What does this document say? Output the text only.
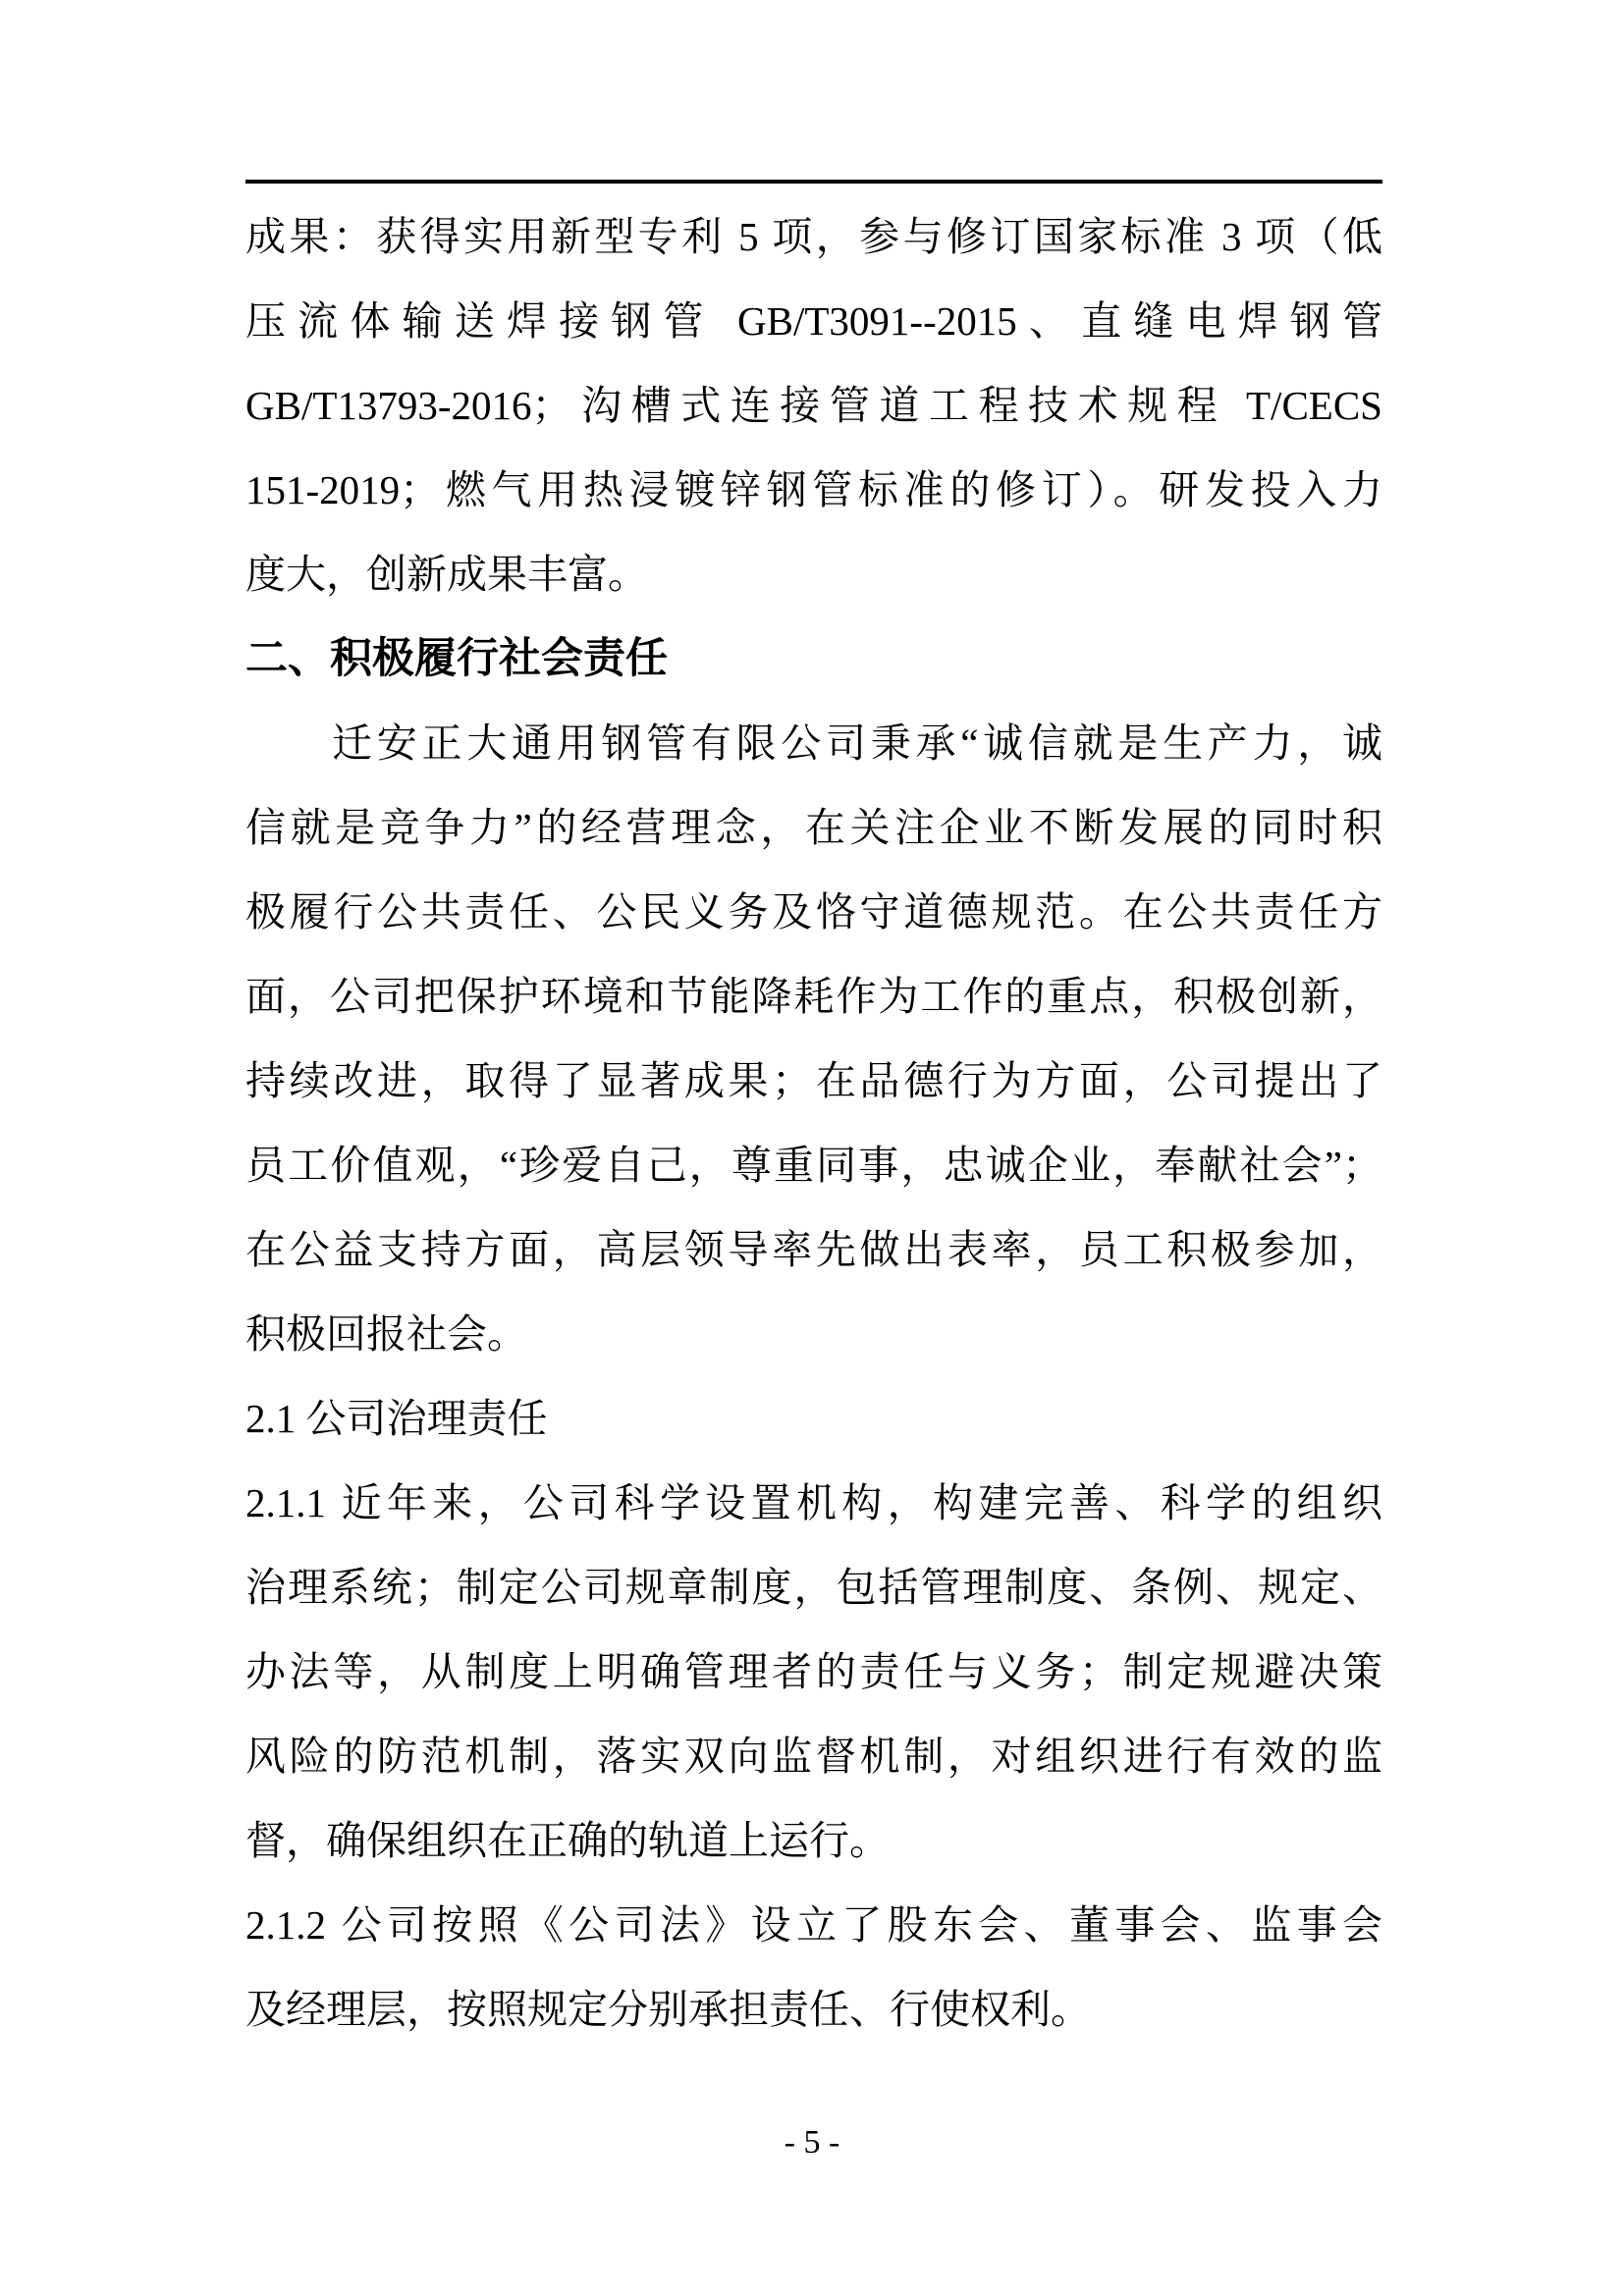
成果：获得实用新型专利 5 项，参与修订国家标准 3 项（低
压流体输送焊接钢管 GB/T3091--2015、直缝电焊钢管
GB/T13793-2016；沟槽式连接管道工程技术规程 T/CECS
151-2019；燃气用热浸镀锌钢管标准的修订）。研发投入力
度大，创新成果丰富。
二、积极履行社会责任
迁安正大通用钢管有限公司秉承“诚信就是生产力，诚
信就是竞争力”的经营理念，在关注企业不断发展的同时积
极履行公共责任、公民义务及恪守道德规范。在公共责任方
面，公司把保护环境和节能降耗作为工作的重点，积极创新，
持续改进，取得了显著成果；在品德行为方面，公司提出了
员工价值观，“珍爱自己，尊重同事，忠诚企业，奉献社会”；
在公益支持方面，高层领导率先做出表率，员工积极参加，
积极回报社会。
2.1 公司治理责任
2.1.1 近年来，公司科学设置机构，构建完善、科学的组织
治理系统；制定公司规章制度，包括管理制度、条例、规定、
办法等，从制度上明确管理者的责任与义务；制定规避决策
风险的防范机制，落实双向监督机制，对组织进行有效的监
督，确保组织在正确的轨道上运行。
2.1.2 公司按照《公司法》设立了股东会、董事会、监事会
及经理层，按照规定分别承担责任、行使权利。
- 5 -
